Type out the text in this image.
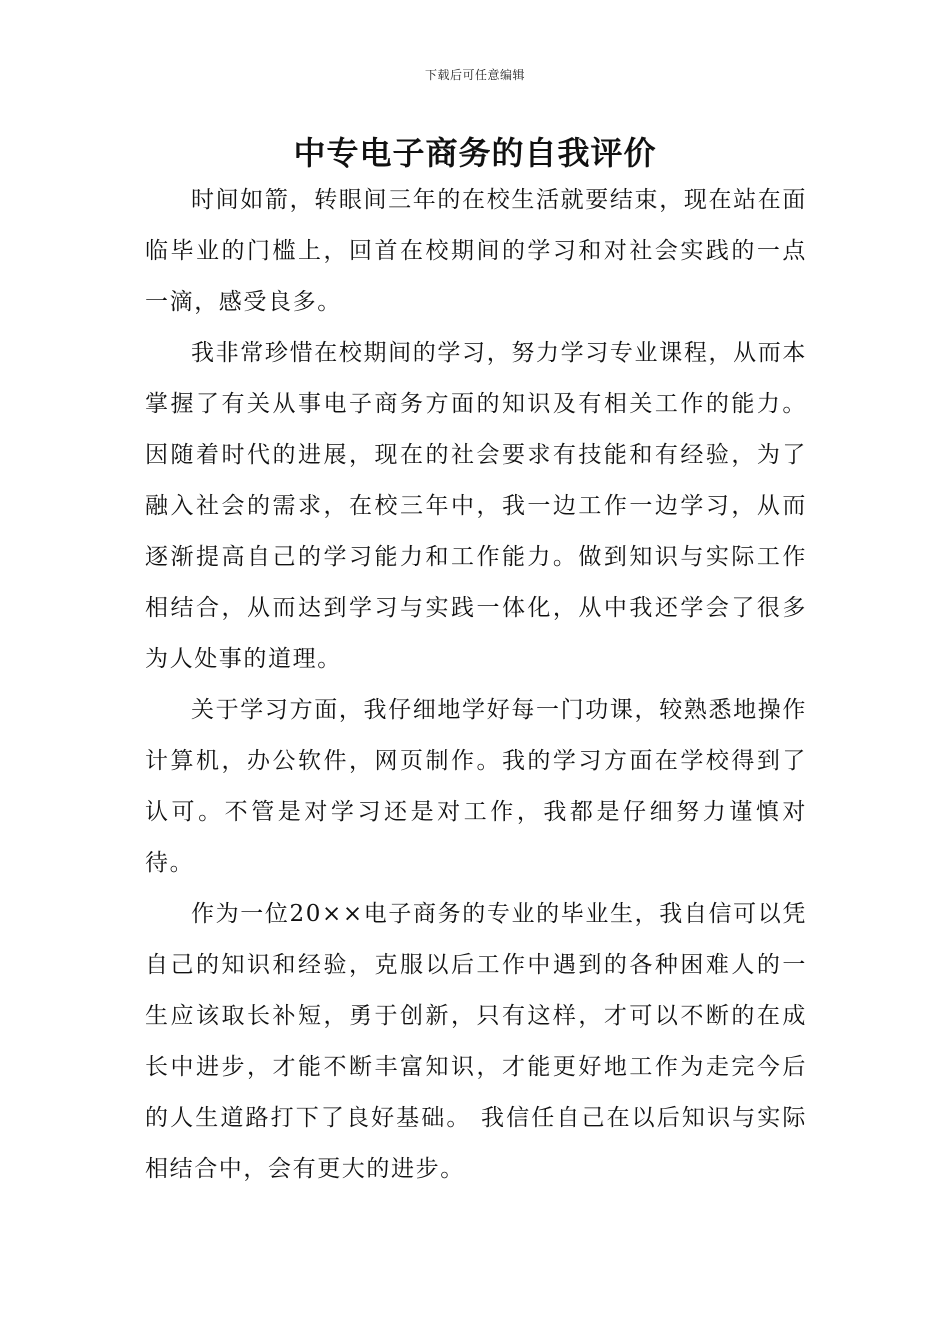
下载后可任意编辑
中专电子商务的自我评价

时间如箭，转眼间三年的在校生活就要结束，现在站在面临毕业的门槛上，回首在校期间的学习和对社会实践的一点一滴，感受良多。

我非常珍惜在校期间的学习，努力学习专业课程，从而本掌握了有关从事电子商务方面的知识及有相关工作的能力。因随着时代的进展，现在的社会要求有技能和有经验，为了融入社会的需求，在校三年中，我一边工作一边学习，从而逐渐提高自己的学习能力和工作能力。做到知识与实际工作相结合，从而达到学习与实践一体化，从中我还学会了很多为人处事的道理。

关于学习方面，我仔细地学好每一门功课，较熟悉地操作计算机，办公软件，网页制作。我的学习方面在学校得到了认可。不管是对学习还是对工作，我都是仔细努力谨慎对待。

作为一位20××电子商务的专业的毕业生，我自信可以凭自己的知识和经验，克服以后工作中遇到的各种困难人的一生应该取长补短，勇于创新，只有这样，才可以不断的在成长中进步，才能不断丰富知识，才能更好地工作为走完今后的人生道路打下了良好基础。 我信任自己在以后知识与实际相结合中，会有更大的进步。
